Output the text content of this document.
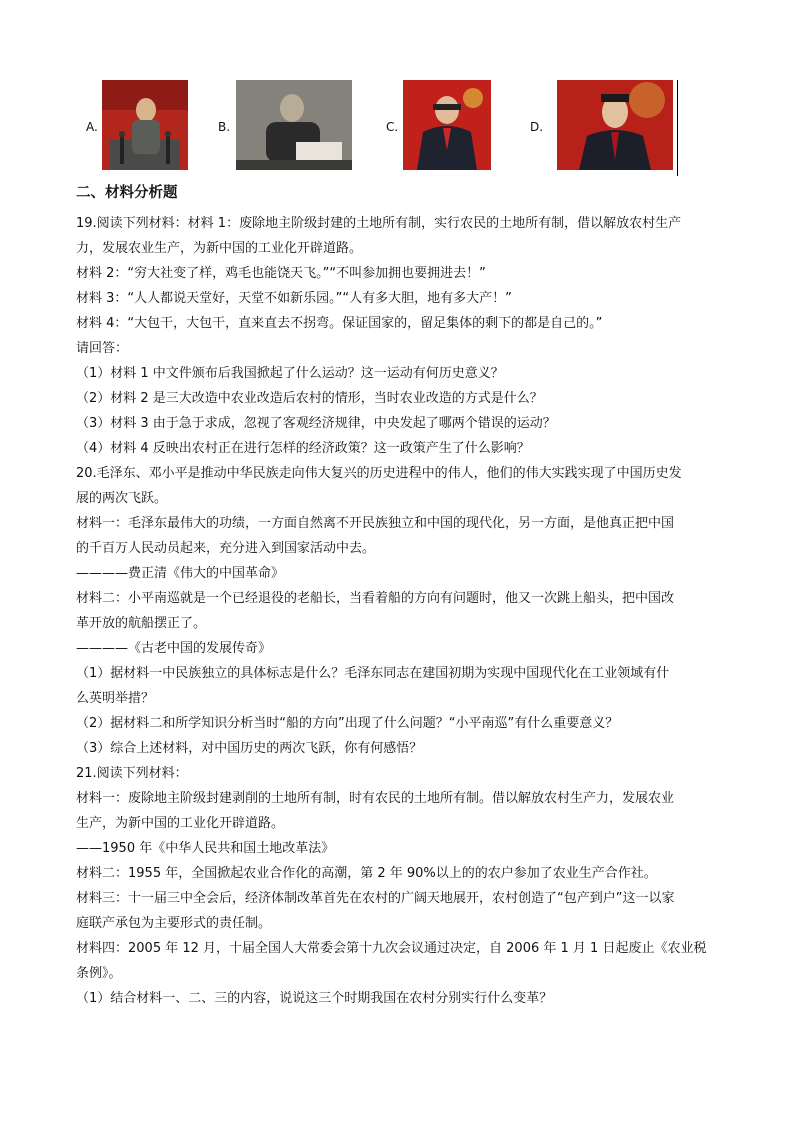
A.	B.	C.	D.
二、材料分析题
19.阅读下列材料：材料 1：废除地主阶级封建的土地所有制，实行农民的土地所有制，借以解放农村生产
力，发展农业生产，为新中国的工业化开辟道路。
材料 2：“穷大社变了样，鸡毛也能饶天飞。”“不叫参加拥也要拥进去！”
材料 3：“人人都说天堂好，天堂不如新乐园。”“人有多大胆，地有多大产！”
材料 4：“大包干，大包干，直来直去不拐弯。保证国家的，留足集体的剩下的都是自己的。”
请回答：
（1）材料 1 中文件颁布后我国掀起了什么运动？这一运动有何历史意义？
（2）材料 2 是三大改造中农业改造后农村的情形，当时农业改造的方式是什么？
（3）材料 3 由于急于求成，忽视了客观经济规律，中央发起了哪两个错误的运动？
（4）材料 4 反映出农村正在进行怎样的经济政策？这一政策产生了什么影响？
20.毛泽东、邓小平是推动中华民族走向伟大复兴的历史进程中的伟人，他们的伟大实践实现了中国历史发
展的两次飞跃。
材料一：毛泽东最伟大的功绩，一方面自然离不开民族独立和中国的现代化，另一方面，是他真正把中国
的千百万人民动员起来，充分进入到国家活动中去。
————费正清《伟大的中国革命》
材料二：小平南巡就是一个已经退役的老船长，当看着船的方向有问题时，他又一次跳上船头，把中国改
革开放的航船摆正了。
————《古老中国的发展传奇》
（1）据材料一中民族独立的具体标志是什么？毛泽东同志在建国初期为实现中国现代化在工业领域有什
么英明举措？
（2）据材料二和所学知识分析当时“船的方向”出现了什么问题？“小平南巡”有什么重要意义？
（3）综合上述材料，对中国历史的两次飞跃，你有何感悟？
21.阅读下列材料：
材料一：废除地主阶级封建剥削的土地所有制，时有农民的土地所有制。借以解放农村生产力，发展农业
生产，为新中国的工业化开辟道路。
——1950 年《中华人民共和国土地改革法》
材料二：1955 年，全国掀起农业合作化的高潮，第 2 年 90%以上的的农户参加了农业生产合作社。
材料三：十一届三中全会后，经济体制改革首先在农村的广阔天地展开，农村创造了“包产到户”这一以家
庭联产承包为主要形式的责任制。
材料四：2005 年 12 月，十届全国人大常委会第十九次会议通过决定，自 2006 年 1 月 1 日起废止《农业税
条例》。
（1）结合材料一、二、三的内容，说说这三个时期我国在农村分别实行什么变革？
